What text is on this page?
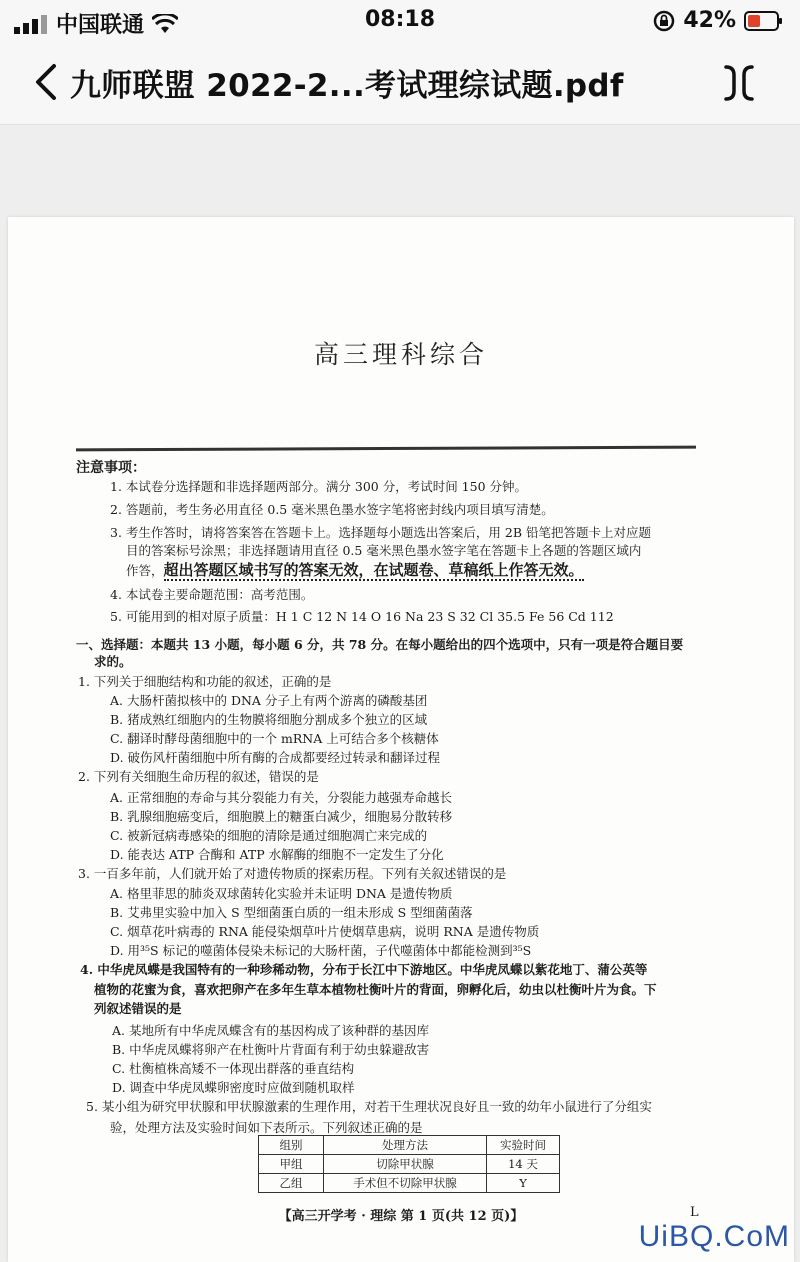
中国联通	08:18	42%
九师联盟 2022-2...考试理综试题.pdf
高三理科综合
注意事项：
1. 本试卷分选择题和非选择题两部分。满分 300 分，考试时间 150 分钟。
2. 答题前，考生务必用直径 0.5 毫米黑色墨水签字笔将密封线内项目填写清楚。
3. 考生作答时，请将答案答在答题卡上。选择题每小题选出答案后，用 2B 铅笔把答题卡上对应题
目的答案标号涂黑；非选择题请用直径 0.5 毫米黑色墨水签字笔在答题卡上各题的答题区域内
作答，超出答题区域书写的答案无效，在试题卷、草稿纸上作答无效。
4. 本试卷主要命题范围：高考范围。
5. 可能用到的相对原子质量：H 1 C 12 N 14 O 16 Na 23 S 32 Cl 35.5 Fe 56 Cd 112
一、选择题：本题共 13 小题，每小题 6 分，共 78 分。在每小题给出的四个选项中，只有一项是符合题目要
求的。
1. 下列关于细胞结构和功能的叙述，正确的是
A. 大肠杆菌拟核中的 DNA 分子上有两个游离的磷酸基团
B. 猪成熟红细胞内的生物膜将细胞分割成多个独立的区域
C. 翻译时酵母菌细胞中的一个 mRNA 上可结合多个核糖体
D. 破伤风杆菌细胞中所有酶的合成都要经过转录和翻译过程
2. 下列有关细胞生命历程的叙述，错误的是
A. 正常细胞的寿命与其分裂能力有关，分裂能力越强寿命越长
B. 乳腺细胞癌变后，细胞膜上的糖蛋白减少，细胞易分散转移
C. 被新冠病毒感染的细胞的清除是通过细胞凋亡来完成的
D. 能表达 ATP 合酶和 ATP 水解酶的细胞不一定发生了分化
3. 一百多年前，人们就开始了对遗传物质的探索历程。下列有关叙述错误的是
A. 格里菲思的肺炎双球菌转化实验并未证明 DNA 是遗传物质
B. 艾弗里实验中加入 S 型细菌蛋白质的一组未形成 S 型细菌菌落
C. 烟草花叶病毒的 RNA 能侵染烟草叶片使烟草患病，说明 RNA 是遗传物质
D. 用³⁵S 标记的噬菌体侵染未标记的大肠杆菌，子代噬菌体中都能检测到³⁵S
4. 中华虎凤蝶是我国特有的一种珍稀动物，分布于长江中下游地区。中华虎凤蝶以紫花地丁、蒲公英等
植物的花蜜为食，喜欢把卵产在多年生草本植物杜衡叶片的背面，卵孵化后，幼虫以杜衡叶片为食。下
列叙述错误的是
A. 某地所有中华虎凤蝶含有的基因构成了该种群的基因库
B. 中华虎凤蝶将卵产在杜衡叶片背面有利于幼虫躲避敌害
C. 杜衡植株高矮不一体现出群落的垂直结构
D. 调查中华虎凤蝶卵密度时应做到随机取样
5. 某小组为研究甲状腺和甲状腺激素的生理作用，对若干生理状况良好且一致的幼年小鼠进行了分组实
组别	处理方法	实验时间
甲组	切除甲状腺	14 天
乙组	手术但不切除甲状腺	Y
【高三开学考 · 理综 第 1 页(共 12 页)】	L
UiBQ.CoM
验，处理方法及实验时间如下表所示。下列叙述正确的是
